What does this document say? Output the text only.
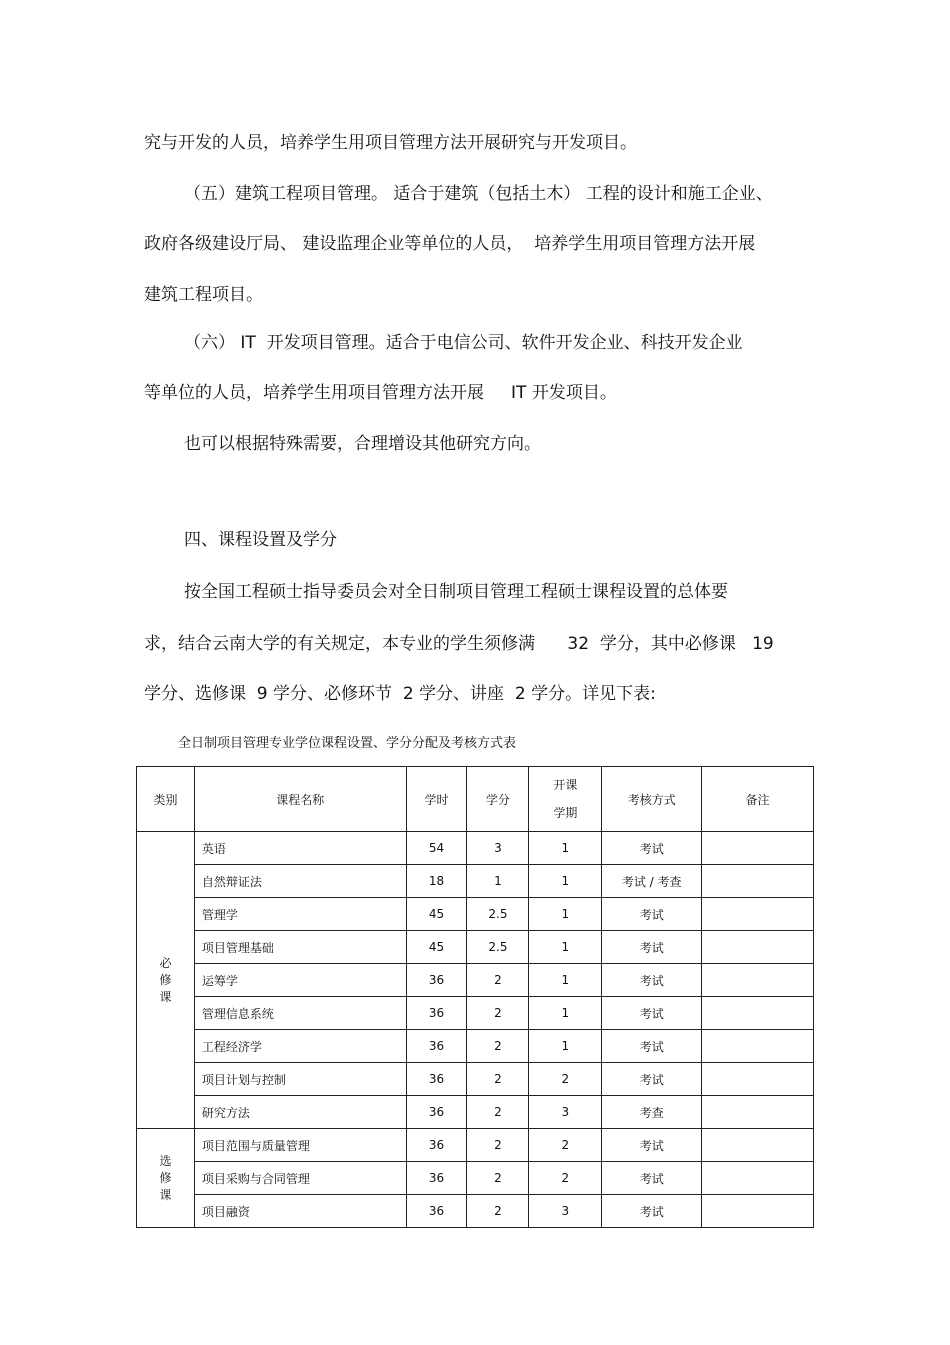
究与开发的人员，培养学生用项目管理方法开展研究与开发项目。
（五）建筑工程项目管理。 适合于建筑（包括土木） 工程的设计和施工企业、
政府各级建设厅局、 建设监理企业等单位的人员，  培养学生用项目管理方法开展
建筑工程项目。
（六） IT  开发项目管理。适合于电信公司、软件开发企业、科技开发企业
等单位的人员，培养学生用项目管理方法开展     IT 开发项目。
也可以根据特殊需要，合理增设其他研究方向。
四、课程设置及学分
按全国工程硕士指导委员会对全日制项目管理工程硕士课程设置的总体要
求，结合云南大学的有关规定，本专业的学生须修满      32  学分，其中必修课   19
学分、选修课  9 学分、必修环节  2 学分、讲座  2 学分。详见下表:
全日制项目管理专业学位课程设置、学分分配及考核方式表
类别	课程名称	学时	学分	开课
学期	考核方式	备注
必
修
课	英语	54	3	1	考试	
	自然辩证法	18	1	1	考试 / 考查	
	管理学	45	2.5	1	考试	
	项目管理基础	45	2.5	1	考试	
	运筹学	36	2	1	考试	
	管理信息系统	36	2	1	考试	
	工程经济学	36	2	1	考试	
	项目计划与控制	36	2	2	考试	
	研究方法	36	2	3	考查	
选
修
课	项目范围与质量管理	36	2	2	考试	
	项目采购与合同管理	36	2	2	考试	
	项目融资	36	2	3	考试	
